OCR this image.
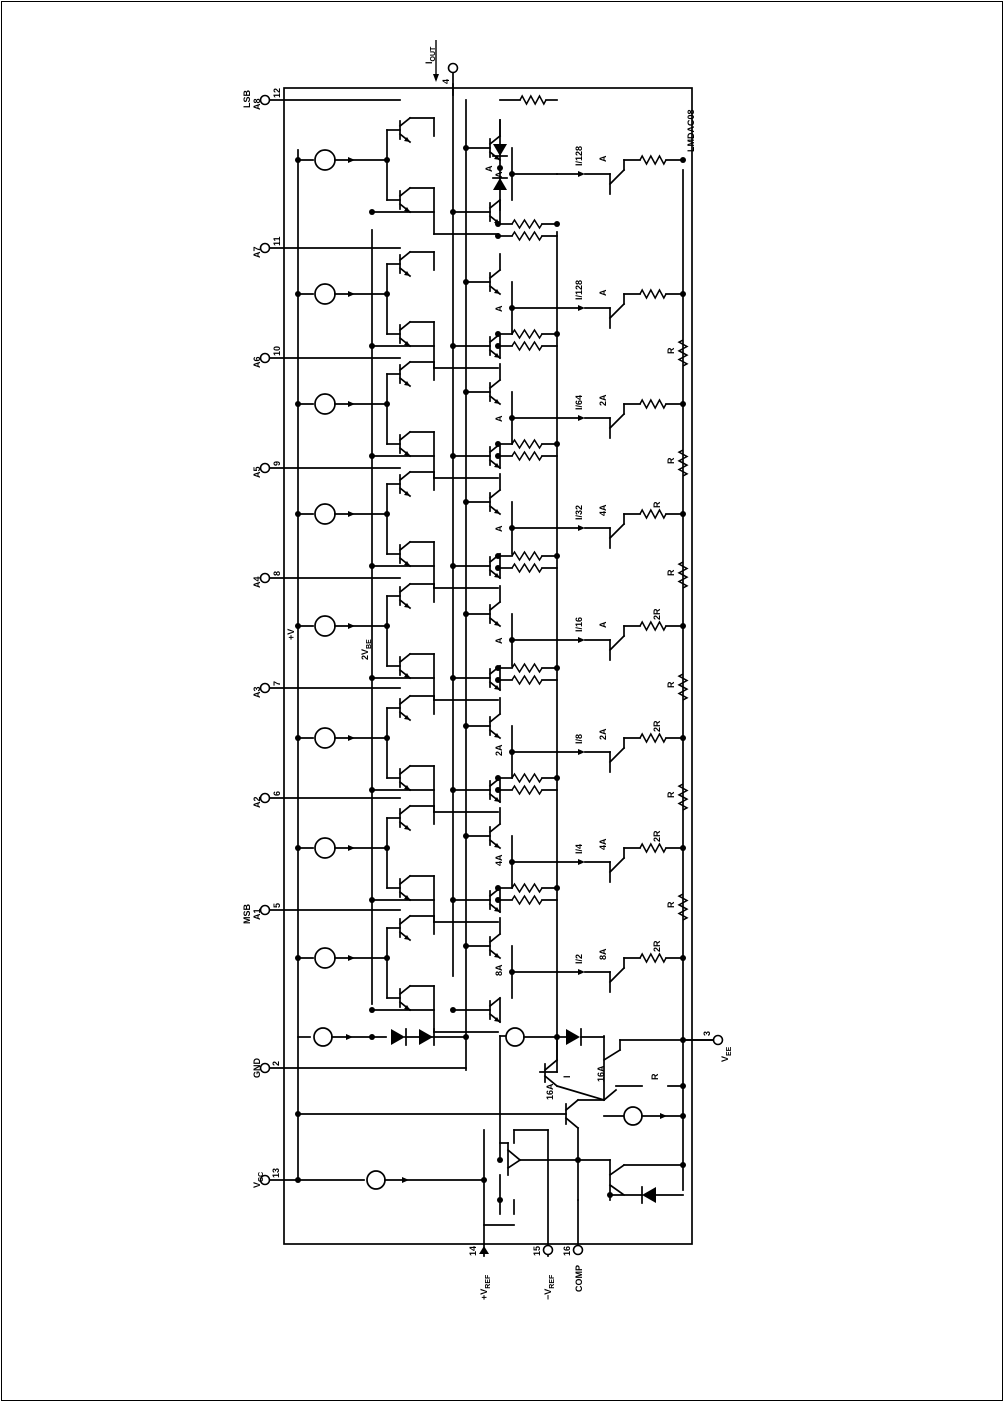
LMDAC08
$I_{OUT}$
4
A8
12
A
I/128 A
A7
11
A
I/128 A
A6
10
A
I/64 2A
R
A5
9
A
I/32 4A	R
R
A4
8
A
I/16 A
2R
R
A3
7
2A
I/8 2A
2R
R
A2
6
4A
I/4 4A
2R
R
A1
5
8A
I/2 8A
2R
R
A
GND 2
$V_{CC}$ 13
+V
$2V_{BE}$
I
16A
16A	R
3
$V_{EE}$
14
$+V_{REF}$
15
$-V_{REF}$
16
COMP
LSB
MSB
